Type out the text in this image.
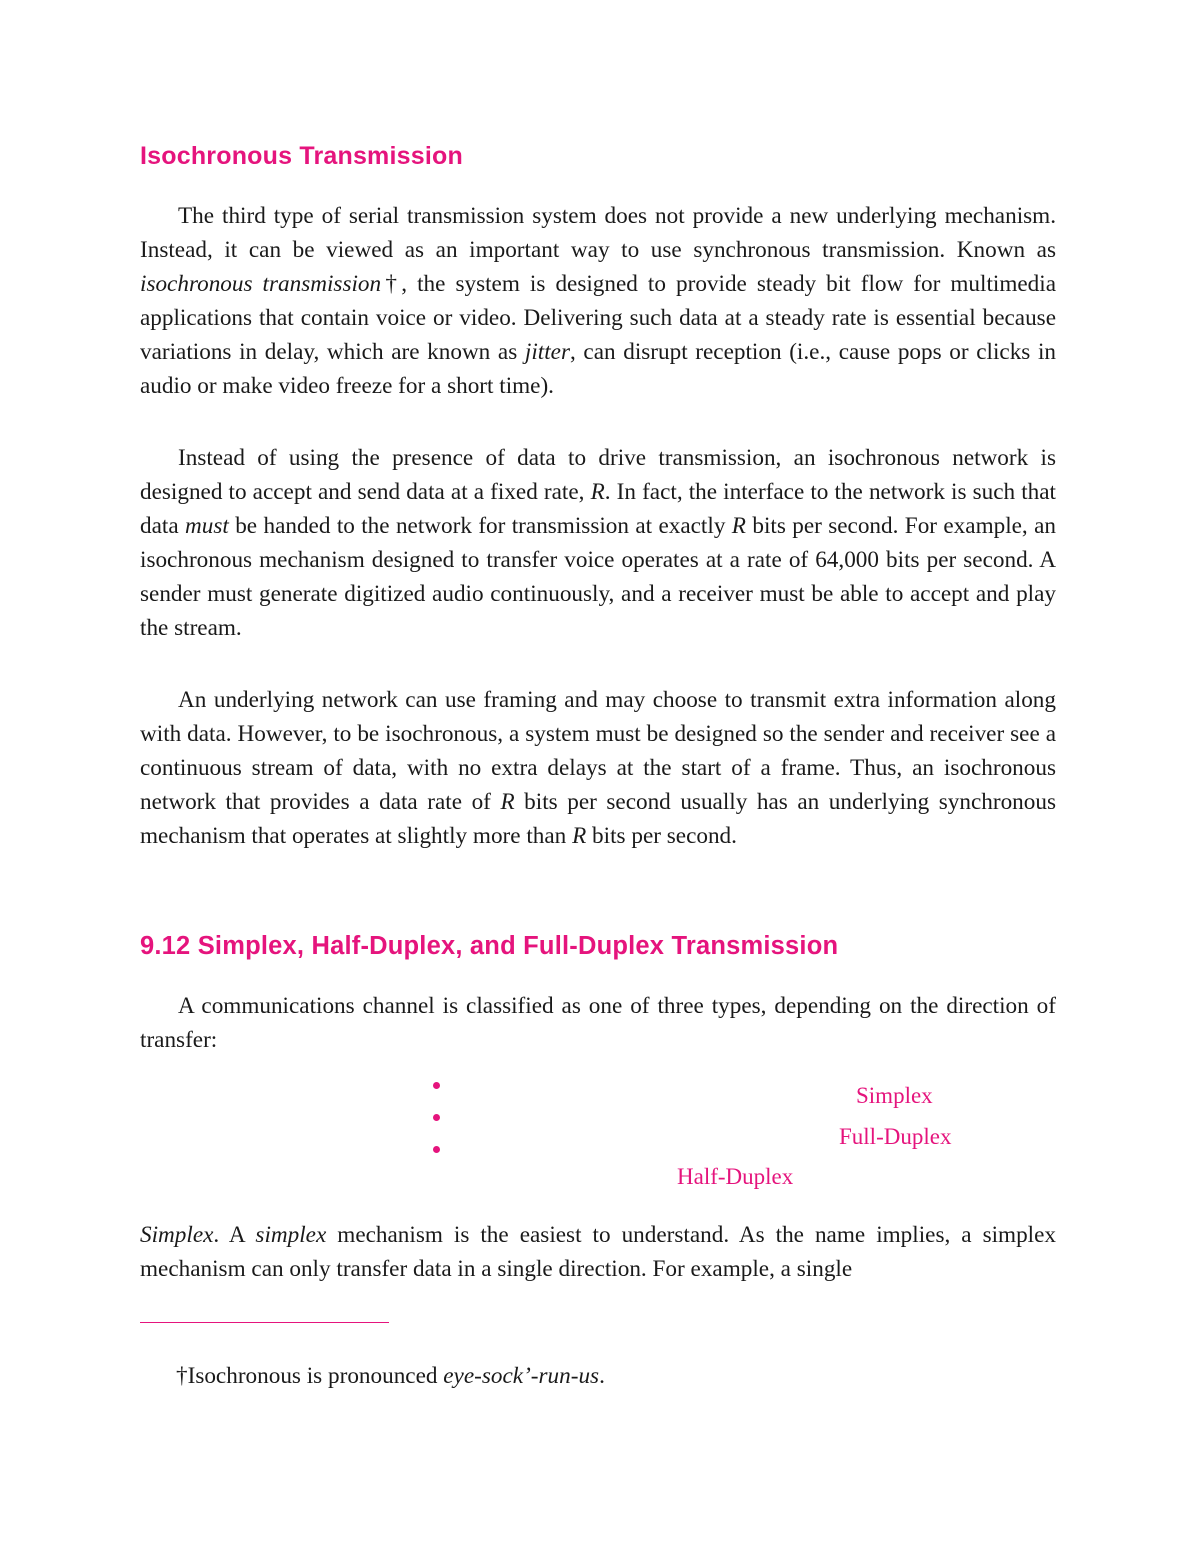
Isochronous Transmission

The third type of serial transmission system does not provide a new underlying mechanism. Instead, it can be viewed as an important way to use synchronous transmission. Known as isochronous transmission†, the system is designed to provide steady bit flow for multimedia applications that contain voice or video. Delivering such data at a steady rate is essential because variations in delay, which are known as jitter, can disrupt reception (i.e., cause pops or clicks in audio or make video freeze for a short time).

Instead of using the presence of data to drive transmission, an isochronous network is designed to accept and send data at a fixed rate, R. In fact, the interface to the network is such that data must be handed to the network for transmission at exactly R bits per second. For example, an isochronous mechanism designed to transfer voice operates at a rate of 64,000 bits per second. A sender must generate digitized audio continuously, and a receiver must be able to accept and play the stream.

An underlying network can use framing and may choose to transmit extra information along with data. However, to be isochronous, a system must be designed so the sender and receiver see a continuous stream of data, with no extra delays at the start of a frame. Thus, an isochronous network that provides a data rate of R bits per second usually has an underlying synchronous mechanism that operates at slightly more than R bits per second.

9.12 Simplex, Half-Duplex, and Full-Duplex Transmission

A communications channel is classified as one of three types, depending on the direction of transfer:

Simplex. A simplex mechanism is the easiest to understand. As the name implies, a simplex mechanism can only transfer data in a single direction. For example, a single

Simplex
Full-Duplex
Half-Duplex
†Isochronous is pronounced eye-sock’-run-us.
